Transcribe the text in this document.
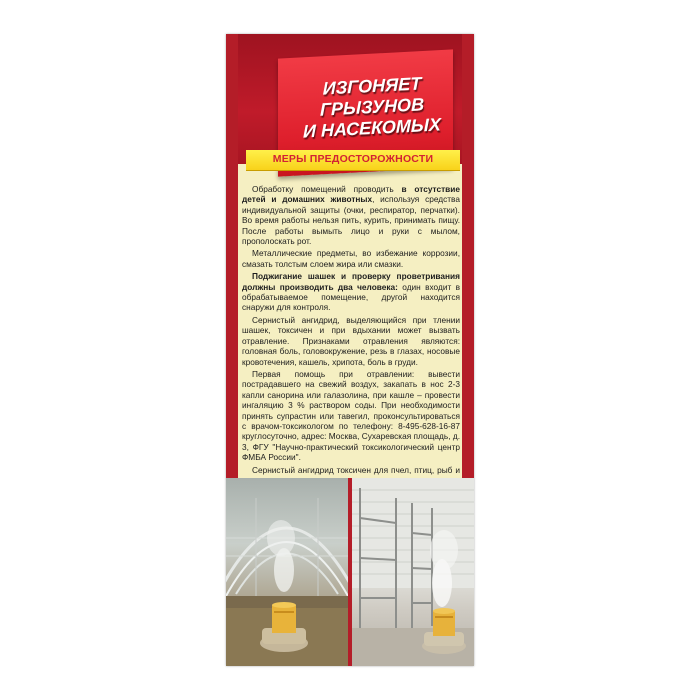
ИЗГОНЯЕТ
ГРЫЗУНОВ
И НАСЕКОМЫХ
МЕРЫ ПРЕДОСТОРОЖНОСТИ

Обработку помещений проводить в отсутствие детей и домашних животных, используя средства индивидуальной защиты (очки, респиратор, перчатки). Во время работы нельзя пить, курить, принимать пищу. После работы вымыть лицо и руки с мылом, прополоскать рот.

Металлические предметы, во избежание коррозии, смазать толстым слоем жира или смазки.

Поджигание шашек и проверку проветривания должны производить два человека: один входит в обрабатываемое помещение, другой находится снаружи для контроля.

Сернистый ангидрид, выделяющийся при тлении шашек, токсичен и при вдыхании может вызвать отравление. Признаками отравления являются: головная боль, головокружение, резь в глазах, носовые кровотечения, кашель, хрипота, боль в груди.

Первая помощь при отравлении: вывести пострадавшего на свежий воздух, закапать в нос 2-3 капли санорина или галазолина, при кашле – провести ингаляцию 3 % раствором соды. При необходимости принять супрастин или тавегил, проконсультироваться с врачом-токсикологом по телефону: 8-495-628-16-87 круглосуточно, адрес: Москва, Сухаревская площадь, д. 3, ФГУ "Научно-практический токсикологический центр ФМБА России".

Сернистый ангидрид токсичен для пчел, птиц, рыб и
